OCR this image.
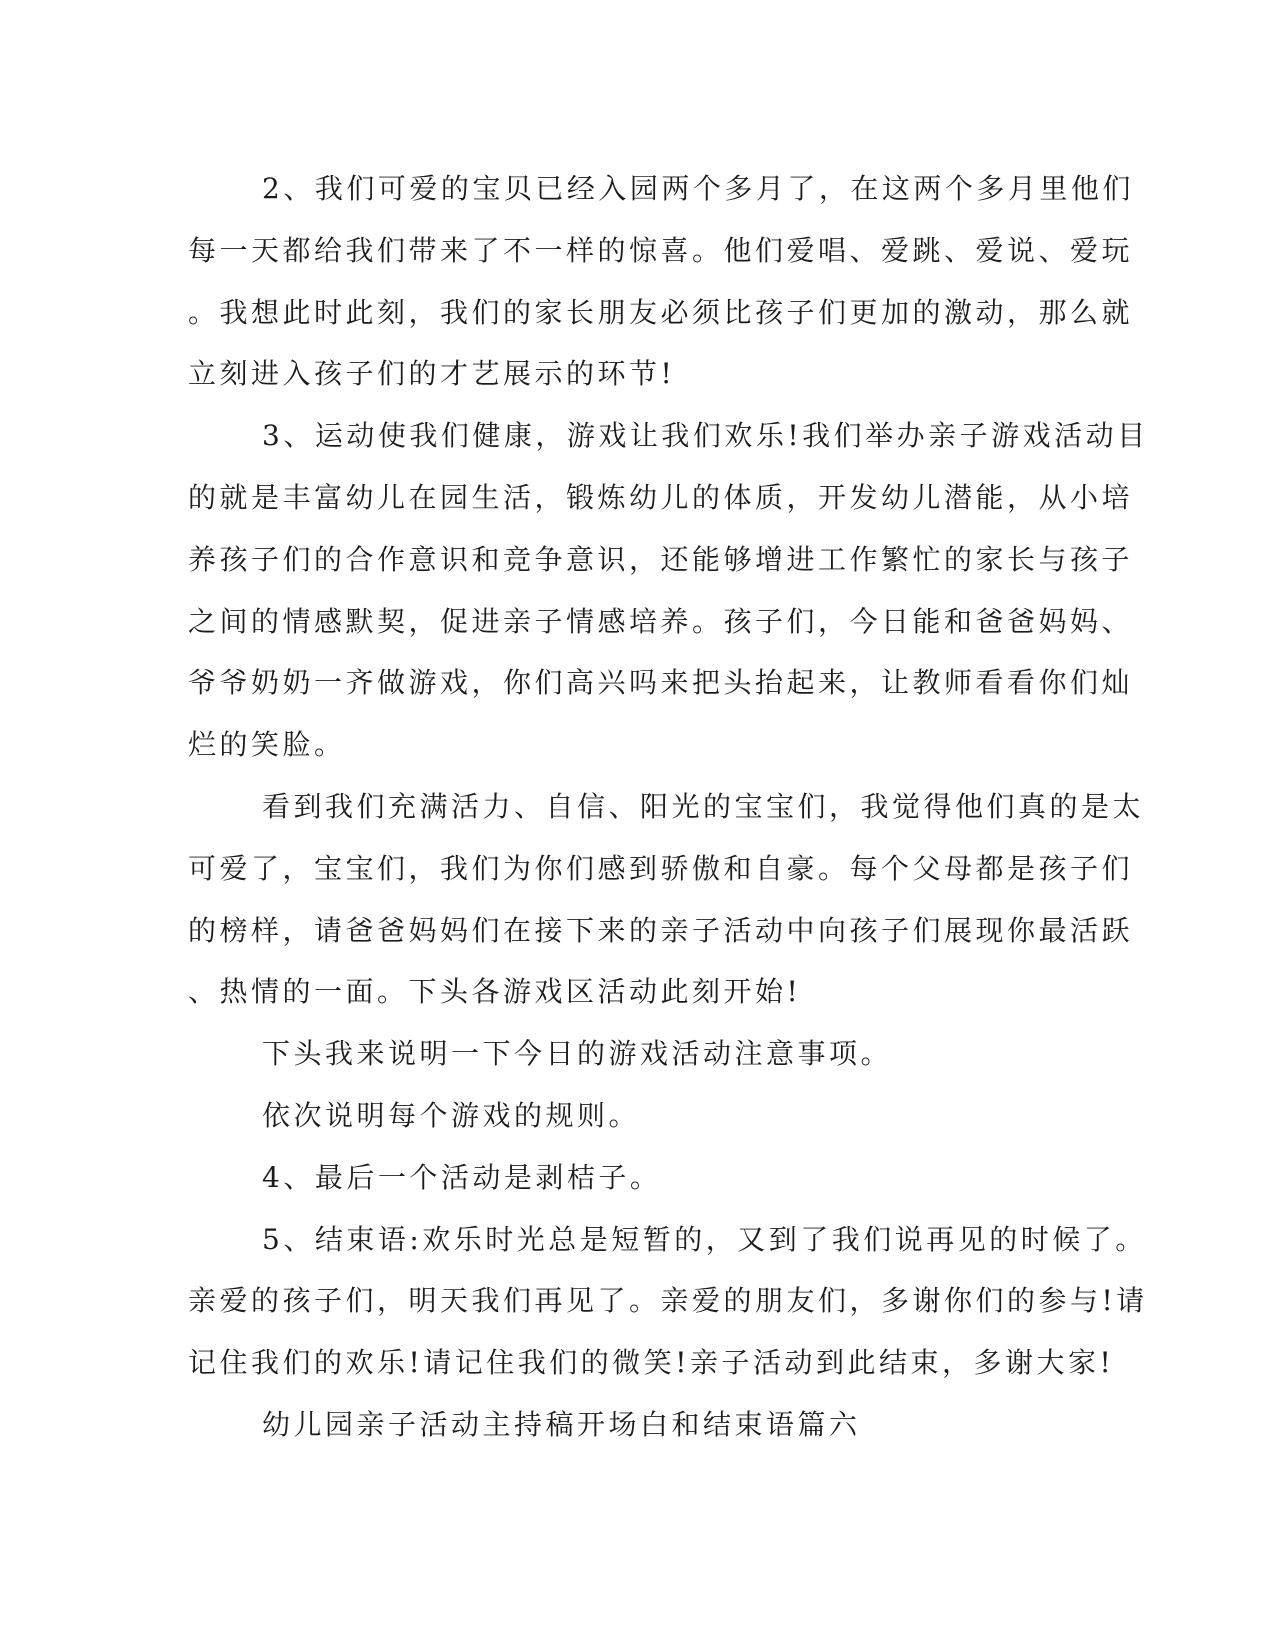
2、我们可爱的宝贝已经入园两个多月了，在这两个多月里他们
每一天都给我们带来了不一样的惊喜。他们爱唱、爱跳、爱说、爱玩
。我想此时此刻，我们的家长朋友必须比孩子们更加的激动，那么就
立刻进入孩子们的才艺展示的环节!

3、运动使我们健康，游戏让我们欢乐!我们举办亲子游戏活动目
的就是丰富幼儿在园生活，锻炼幼儿的体质，开发幼儿潜能，从小培
养孩子们的合作意识和竞争意识，还能够增进工作繁忙的家长与孩子
之间的情感默契，促进亲子情感培养。孩子们，今日能和爸爸妈妈、
爷爷奶奶一齐做游戏，你们高兴吗来把头抬起来，让教师看看你们灿
烂的笑脸。

看到我们充满活力、自信、阳光的宝宝们，我觉得他们真的是太
可爱了，宝宝们，我们为你们感到骄傲和自豪。每个父母都是孩子们
的榜样，请爸爸妈妈们在接下来的亲子活动中向孩子们展现你最活跃
、热情的一面。下头各游戏区活动此刻开始!

下头我来说明一下今日的游戏活动注意事项。

依次说明每个游戏的规则。

4、最后一个活动是剥桔子。

5、结束语:欢乐时光总是短暂的，又到了我们说再见的时候了。
亲爱的孩子们，明天我们再见了。亲爱的朋友们，多谢你们的参与!请
记住我们的欢乐!请记住我们的微笑!亲子活动到此结束，多谢大家!

幼儿园亲子活动主持稿开场白和结束语篇六
